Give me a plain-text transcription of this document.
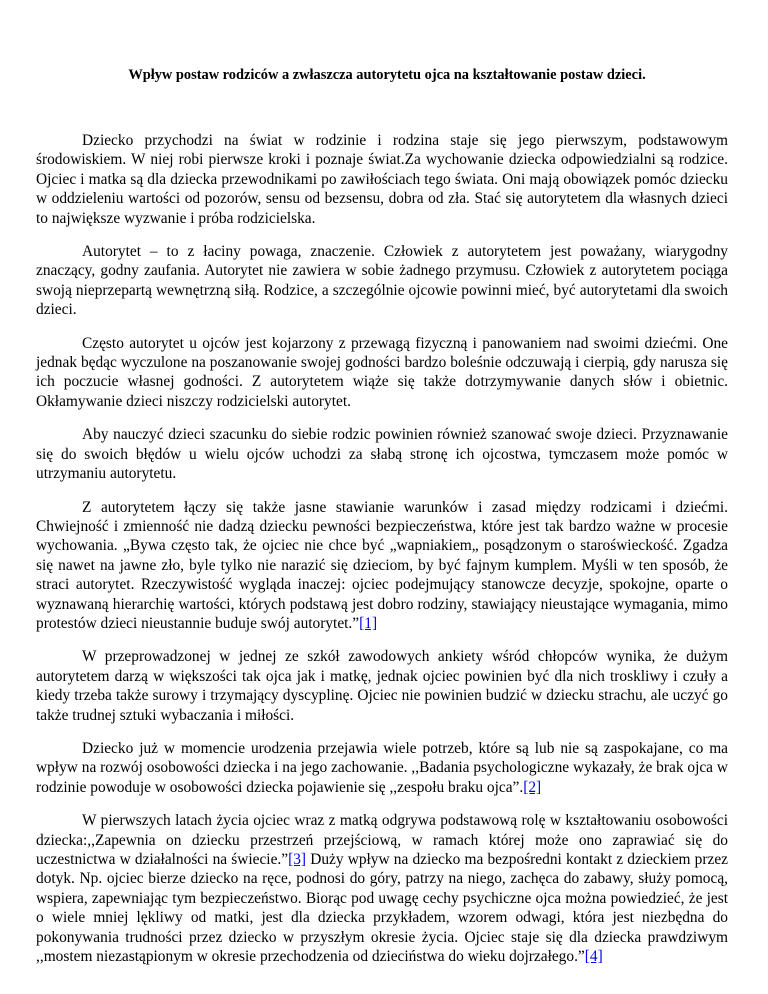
Wpływ postaw rodziców a zwłaszcza autorytetu ojca na kształtowanie postaw dzieci.

Dziecko przychodzi na świat w rodzinie i rodzina staje się jego pierwszym, podstawowym środowiskiem. W niej robi pierwsze kroki i poznaje świat.Za wychowanie dziecka odpowiedzialni są rodzice. Ojciec i matka są dla dziecka przewodnikami po zawiłościach tego świata. Oni mają obowiązek pomóc dziecku w oddzieleniu wartości od pozorów, sensu od bezsensu, dobra od zła. Stać się autorytetem dla własnych dzieci to największe wyzwanie i próba rodzicielska.

Autorytet – to z łaciny powaga, znaczenie. Człowiek z autorytetem jest poważany, wiarygodny znaczący, godny zaufania. Autorytet nie zawiera w sobie żadnego przymusu. Człowiek z autorytetem pociąga swoją nieprzepartą wewnętrzną siłą. Rodzice, a szczególnie ojcowie powinni mieć, być autorytetami dla swoich dzieci.

Często autorytet u ojców jest kojarzony z przewagą fizyczną i panowaniem nad swoimi dziećmi. One jednak będąc wyczulone na poszanowanie swojej godności bardzo boleśnie odczuwają i cierpią, gdy narusza się ich poczucie własnej godności. Z autorytetem wiąże się także dotrzymywanie danych słów i obietnic. Okłamywanie dzieci niszczy rodzicielski autorytet.

Aby nauczyć dzieci szacunku do siebie rodzic powinien również szanować swoje dzieci. Przyznawanie się do swoich błędów u wielu ojców uchodzi za słabą stronę ich ojcostwa, tymczasem może pomóc w utrzymaniu autorytetu.

Z autorytetem łączy się także jasne stawianie warunków i zasad między rodzicami i dziećmi. Chwiejność i zmienność nie dadzą dziecku pewności bezpieczeństwa, które jest tak bardzo ważne w procesie wychowania. „Bywa często tak, że ojciec nie chce być „wapniakiem„ posądzonym o staroświeckość. Zgadza się nawet na jawne zło, byle tylko nie narazić się dzieciom, by być fajnym kumplem. Myśli w ten sposób, że straci autorytet. Rzeczywistość wygląda inaczej: ojciec podejmujący stanowcze decyzje, spokojne, oparte o wyznawaną hierarchię wartości, których podstawą jest dobro rodziny, stawiający nieustające wymagania, mimo protestów dzieci nieustannie buduje swój autorytet.”[1]

W przeprowadzonej w jednej ze szkół zawodowych ankiety wśród chłopców wynika, że dużym autorytetem darzą w większości tak ojca jak i matkę, jednak ojciec powinien być dla nich troskliwy i czuły a kiedy trzeba także surowy i trzymający dyscyplinę. Ojciec nie powinien budzić w dziecku strachu, ale uczyć go także trudnej sztuki wybaczania i miłości.

Dziecko już w momencie urodzenia przejawia wiele potrzeb, które są lub nie są zaspokajane, co ma wpływ na rozwój osobowości dziecka i na jego zachowanie. ,,Badania psychologiczne wykazały, że brak ojca w rodzinie powoduje w osobowości dziecka pojawienie się ,,zespołu braku ojca”.[2]

W pierwszych latach życia ojciec wraz z matką odgrywa podstawową rolę w kształtowaniu osobowości dziecka:,,Zapewnia on dziecku przestrzeń przejściową, w ramach której może ono zaprawiać się do uczestnictwa w działalności na świecie.”[3] Duży wpływ na dziecko ma bezpośredni kontakt z dzieckiem przez dotyk. Np. ojciec bierze dziecko na ręce, podnosi do góry, patrzy na niego, zachęca do zabawy, służy pomocą, wspiera, zapewniając tym bezpieczeństwo. Biorąc pod uwagę cechy psychiczne ojca można powiedzieć, że jest o wiele mniej lękliwy od matki, jest dla dziecka przykładem, wzorem odwagi, która jest niezbędna do pokonywania trudności przez dziecko w przyszłym okresie życia. Ojciec staje się dla dziecka prawdziwym ,,mostem niezastąpionym w okresie przechodzenia od dzieciństwa do wieku dojrzałego.”[4]
